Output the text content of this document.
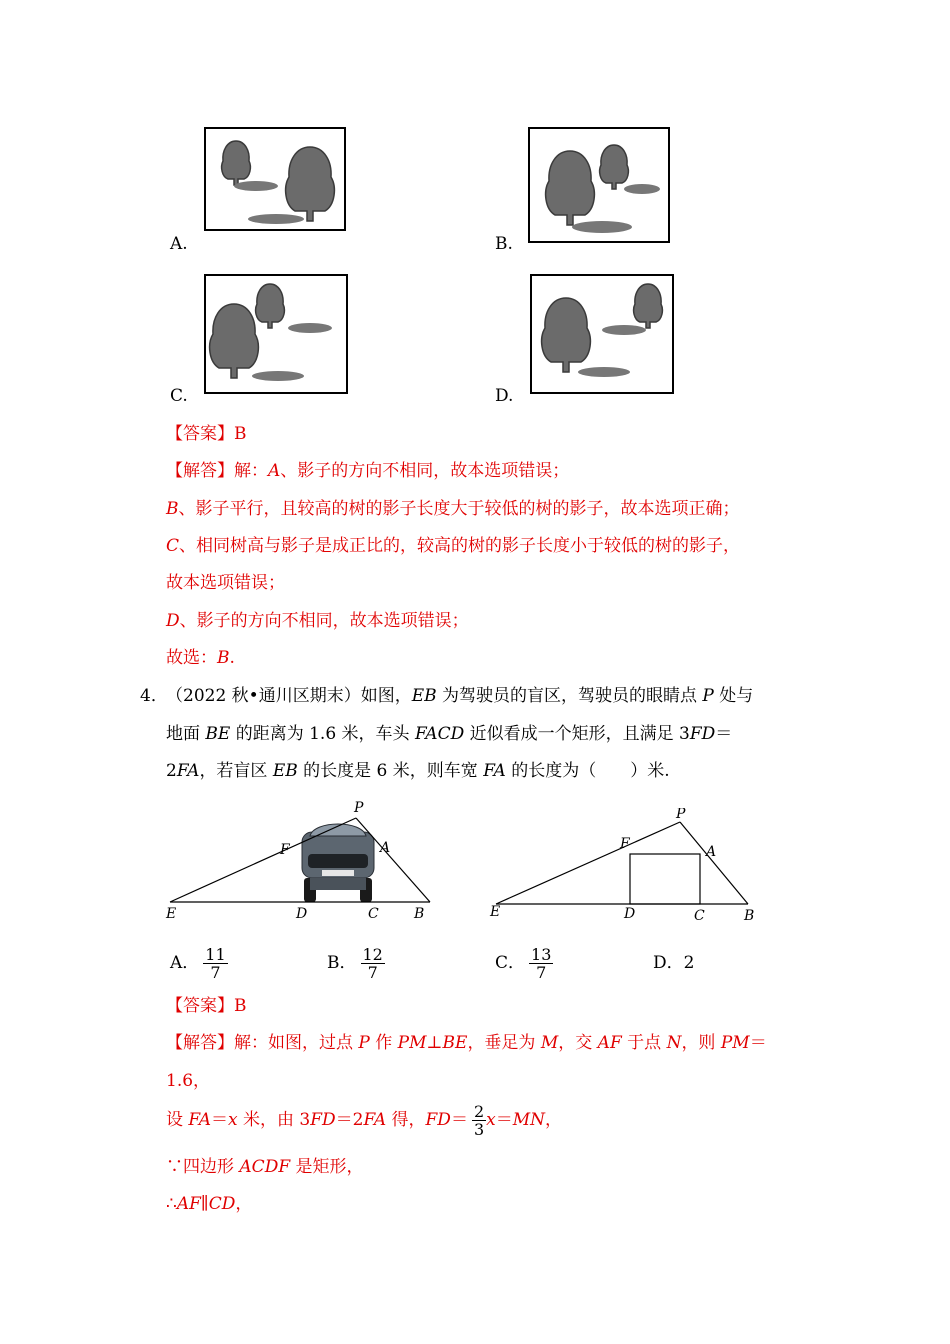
A.	B.
C.	D.
【答案】B
【解答】解：A、影子的方向不相同，故本选项错误；
B、影子平行，且较高的树的影子长度大于较低的树的影子，故本选项正确；
C、相同树高与影子是成正比的，较高的树的影子长度小于较低的树的影子，
故本选项错误；
D、影子的方向不相同，故本选项错误；
故选：B.
4．
（2022 秋•通川区期末）如图，EB 为驾驶员的盲区，驾驶员的眼睛点 P 处与
地面 BE 的距离为 1.6 米，车头 FACD 近似看成一个矩形，且满足 3FD＝
2FA，若盲区 EB 的长度是 6 米，则车宽 FA 的长度为（　　）米.
P
F	A
E	D	C	B
P
F	A
E	D	C	B
A． $\frac{11}{7}$	B． $\frac{12}{7}$	C． $\frac{13}{7}$	D．2
【答案】B
【解答】解：如图，过点 P 作 PM⊥BE，垂足为 M，交 AF 于点 N，则 PM＝
1.6，
设 FA＝x 米，由 3FD＝2FA 得，$FD= \frac{2}{3} x=MN$，
∵四边形 ACDF 是矩形，
∴AF∥CD，
